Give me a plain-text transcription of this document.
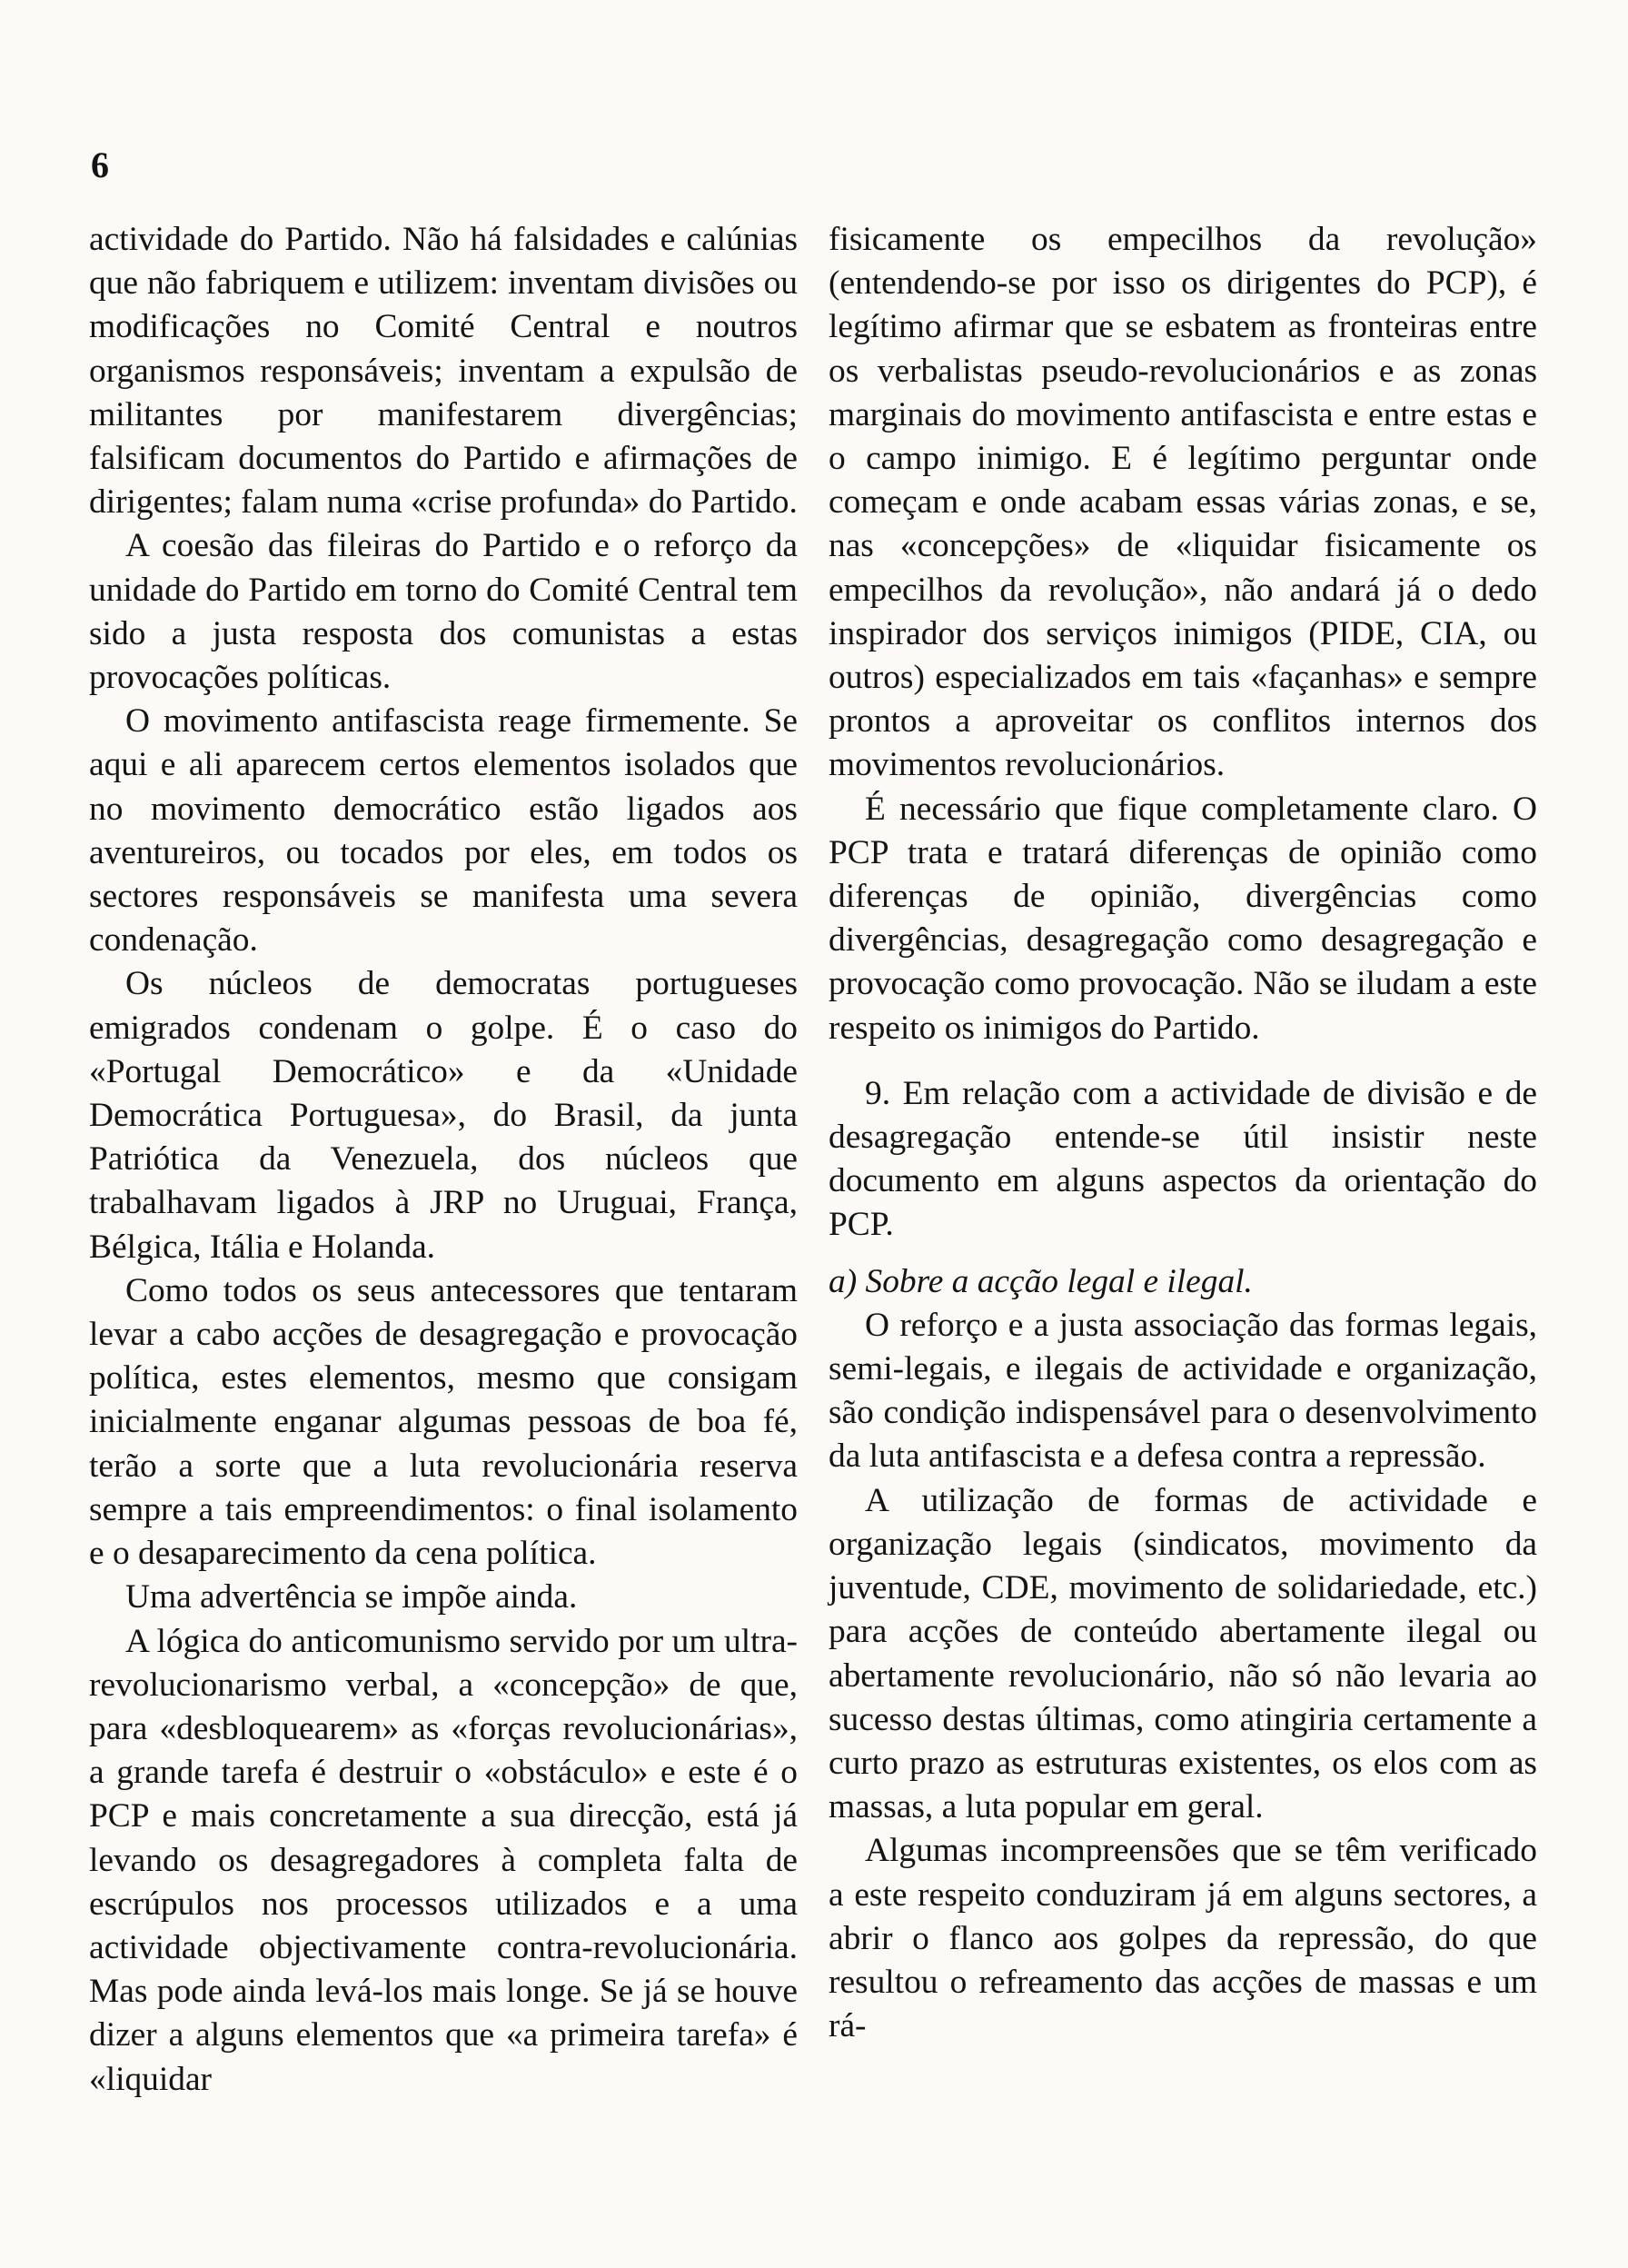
6

actividade do Partido. Não há falsidades e calúnias que não fabriquem e utilizem: inventam divisões ou modificações no Comité Central e noutros organismos responsáveis; inventam a expulsão de militantes por manifestarem divergências; falsificam documentos do Partido e afirmações de dirigentes; falam numa «crise profunda» do Partido.

A coesão das fileiras do Partido e o reforço da unidade do Partido em torno do Comité Central tem sido a justa resposta dos comunistas a estas provocações políticas.

O movimento antifascista reage firmemente. Se aqui e ali aparecem certos elementos isolados que no movimento democrático estão ligados aos aventureiros, ou tocados por eles, em todos os sectores responsáveis se manifesta uma severa condenação.

Os núcleos de democratas portugueses emigrados condenam o golpe. É o caso do «Portugal Democrático» e da «Unidade Democrática Portuguesa», do Brasil, da junta Patriótica da Venezuela, dos núcleos que trabalhavam ligados à JRP no Uruguai, França, Bélgica, Itália e Holanda.

Como todos os seus antecessores que tentaram levar a cabo acções de desagregação e provocação política, estes elementos, mesmo que consigam inicialmente enganar algumas pessoas de boa fé, terão a sorte que a luta revolucionária reserva sempre a tais empreendimentos: o final isolamento e o desaparecimento da cena política.

Uma advertência se impõe ainda.

A lógica do anticomunismo servido por um ultra-revolucionarismo verbal, a «concepção» de que, para «desbloquearem» as «forças revolucionárias», a grande tarefa é destruir o «obstáculo» e este é o PCP e mais concretamente a sua direcção, está já levando os desagregadores à completa falta de escrúpulos nos processos utilizados e a uma actividade objectivamente contra-revolucionária. Mas pode ainda levá-los mais longe. Se já se houve dizer a alguns elementos que «a primeira tarefa» é «liquidar

fisicamente os empecilhos da revolução» (entendendo-se por isso os dirigentes do PCP), é legítimo afirmar que se esbatem as fronteiras entre os verbalistas pseudo-revolucionários e as zonas marginais do movimento antifascista e entre estas e o campo inimigo. E é legítimo perguntar onde começam e onde acabam essas várias zonas, e se, nas «concepções» de «liquidar fisicamente os empecilhos da revolução», não andará já o dedo inspirador dos serviços inimigos (PIDE, CIA, ou outros) especializados em tais «façanhas» e sempre prontos a aproveitar os conflitos internos dos movimentos revolucionários.

É necessário que fique completamente claro. O PCP trata e tratará diferenças de opinião como diferenças de opinião, divergências como divergências, desagregação como desagregação e provocação como provocação. Não se iludam a este respeito os inimigos do Partido.

9. Em relação com a actividade de divisão e de desagregação entende-se útil insistir neste documento em alguns aspectos da orientação do PCP.

a) Sobre a acção legal e ilegal.

O reforço e a justa associação das formas legais, semi-legais, e ilegais de actividade e organização, são condição indispensável para o desenvolvimento da luta antifascista e a defesa contra a repressão.

A utilização de formas de actividade e organização legais (sindicatos, movimento da juventude, CDE, movimento de solidariedade, etc.) para acções de conteúdo abertamente ilegal ou abertamente revolucionário, não só não levaria ao sucesso destas últimas, como atingiria certamente a curto prazo as estruturas existentes, os elos com as massas, a luta popular em geral.

Algumas incompreensões que se têm verificado a este respeito conduziram já em alguns sectores, a abrir o flanco aos golpes da repressão, do que resultou o refreamento das acções de massas e um rá-
